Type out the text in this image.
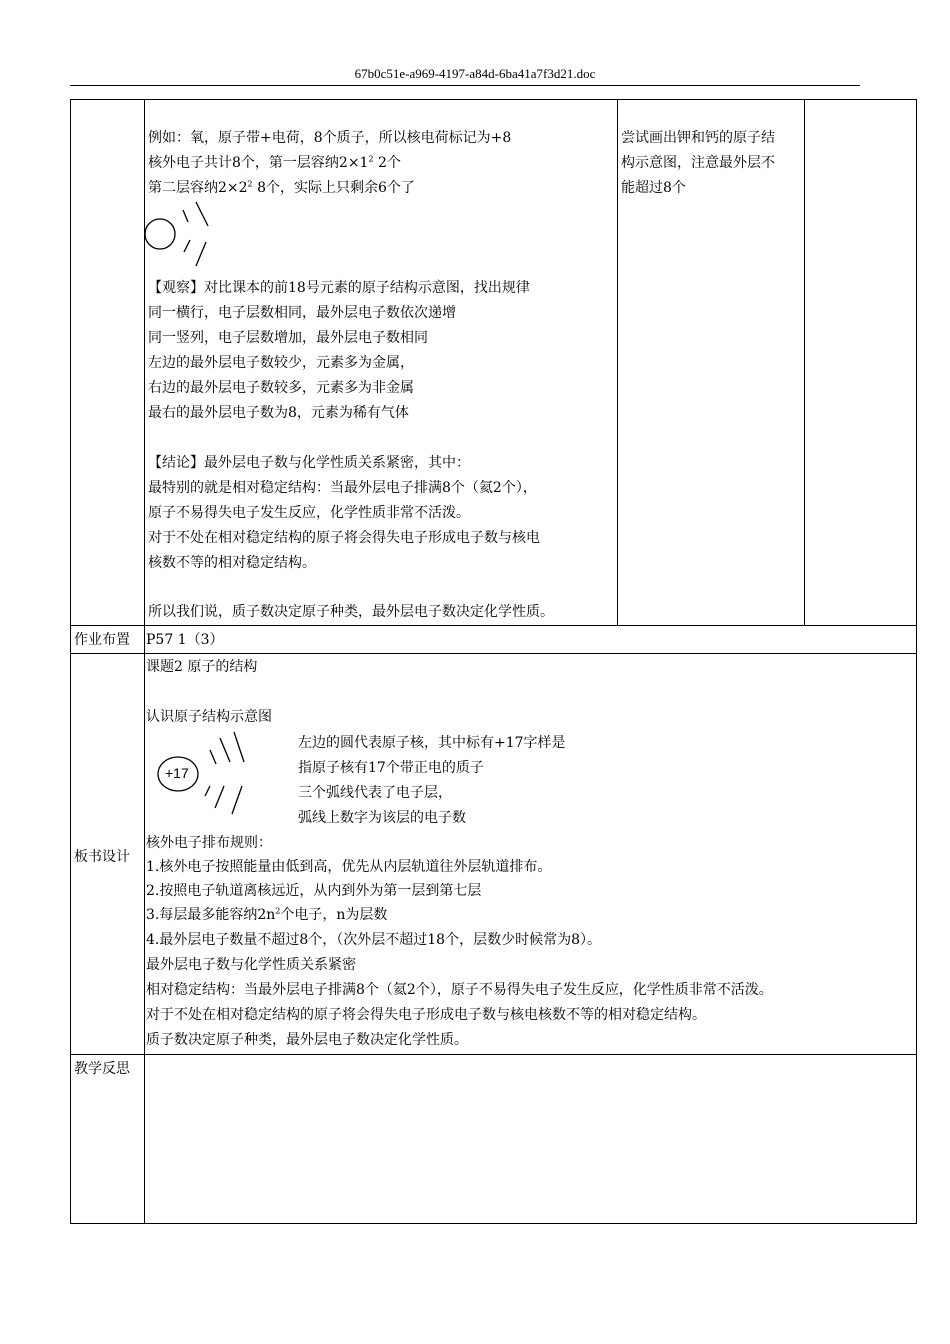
67b0c51e-a969-4197-a84d-6ba41a7f3d21.doc
例如：氧，原子带+电荷，8个质子，所以核电荷标记为+8
核外电子共计8个，第一层容纳$2\times 1^2$ 2个
第二层容纳$2\times 2^2$ 8个，实际上只剩余6个了
【观察】对比课本的前18号元素的原子结构示意图，找出规律
同一横行，电子层数相同，最外层电子数依次递增
同一竖列，电子层数增加，最外层电子数相同
左边的最外层电子数较少，元素多为金属，
右边的最外层电子数较多，元素多为非金属
最右的最外层电子数为8，元素为稀有气体
【结论】最外层电子数与化学性质关系紧密，其中：
最特别的就是相对稳定结构：当最外层电子排满8个（氦2个），
原子不易得失电子发生反应，化学性质非常不活泼。
对于不处在相对稳定结构的原子将会得失电子形成电子数与核电
核数不等的相对稳定结构。
所以我们说，质子数决定原子种类，最外层电子数决定化学性质。
尝试画出钾和钙的原子结
构示意图，注意最外层不
能超过8个
作业布置 P57 1（3）
板书设计
课题2 原子的结构
认识原子结构示意图
+17
左边的圆代表原子核，其中标有+17字样是
指原子核有17个带正电的质子
三个弧线代表了电子层，
弧线上数字为该层的电子数
核外电子排布规则：
1.核外电子按照能量由低到高，优先从内层轨道往外层轨道排布。
2.按照电子轨道离核远近，从内到外为第一层到第七层
3.每层最多能容纳$2n^2$个电子，n为层数
4.最外层电子数量不超过8个，（次外层不超过18个，层数少时候常为8）。
最外层电子数与化学性质关系紧密
相对稳定结构：当最外层电子排满8个（氦2个），原子不易得失电子发生反应，化学性质非常不活泼。
对于不处在相对稳定结构的原子将会得失电子形成电子数与核电核数不等的相对稳定结构。
质子数决定原子种类，最外层电子数决定化学性质。
教学反思
